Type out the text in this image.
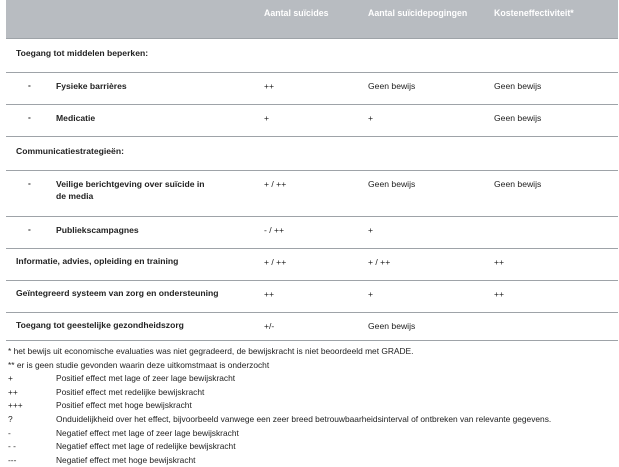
	Aantal suïcides	Aantal suïcidepogingen	Kosteneffectiviteit*
Toegang tot middelen beperken:			
- Fysieke barrières	++	Geen bewijs	Geen bewijs
- Medicatie	+	+	Geen bewijs
Communicatiestrategieën:			
- Veilige berichtgeving over suïcide in de media	+ / ++	Geen bewijs	Geen bewijs
- Publiekscampagnes	- / ++	+	
Informatie, advies, opleiding en training	+ / ++	+ / ++	++
Geïntegreerd systeem van zorg en ondersteuning	++	+	++
Toegang tot geestelijke gezondheidszorg	+/-	Geen bewijs	
* het bewijs uit economische evaluaties was niet gegradeerd, de bewijskracht is niet beoordeeld met GRADE.
** er is geen studie gevonden waarin deze uitkomstmaat is onderzocht
+	Positief effect met lage of zeer lage bewijskracht
++	Positief effect met redelijke bewijskracht
+++	Positief effect met hoge bewijskracht
?	Onduidelijkheid over het effect, bijvoorbeeld vanwege een zeer breed betrouwbaarheidsinterval of ontbreken van relevante gegevens.
-	Negatief effect met lage of zeer lage bewijskracht
- -	Negatief effect met lage of redelijke bewijskracht
---	Negatief effect met hoge bewijskracht
